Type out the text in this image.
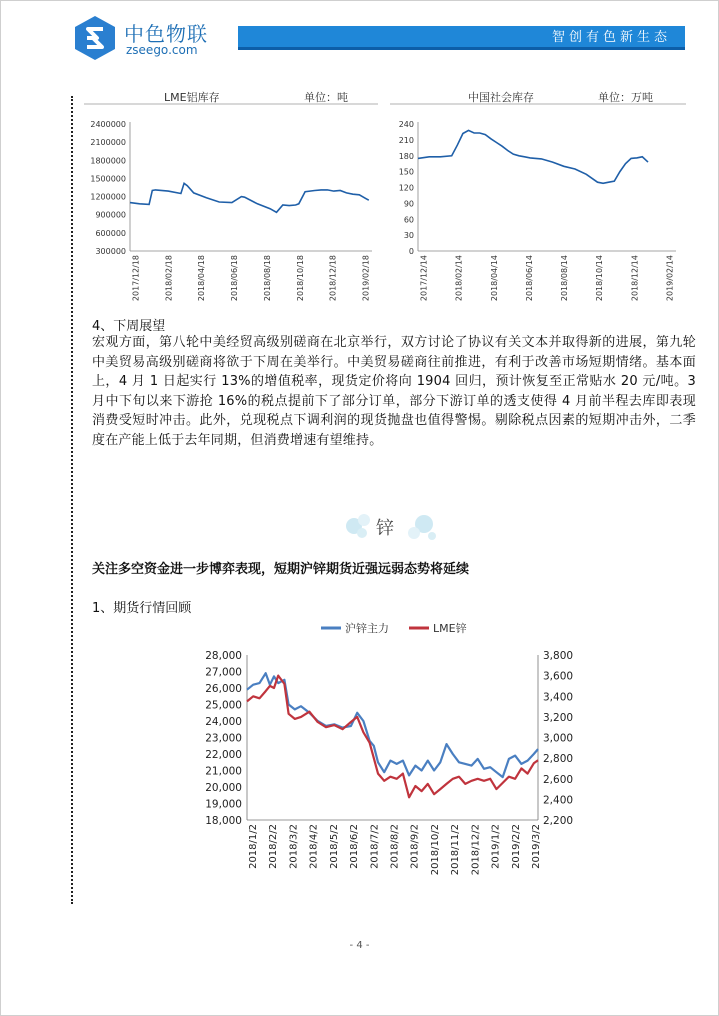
中色物联
zseego.com
智创有色新生态
LME铝库存	单位：吨
300000
600000
900000
1200000
1500000
1800000
2100000
2400000
2017/12/18	2018/02/18	2018/04/18	2018/06/18	2018/08/18	2018/10/18	2018/12/18	2019/02/18
中国社会库存	单位：万吨
0
30
60
90
120
150
180
210
240
2017/12/14	2018/02/14	2018/04/14	2018/06/14	2018/08/14	2018/10/14	2018/12/14	2019/02/14
4、下周展望
宏观方面，第八轮中美经贸高级别磋商在北京举行，双方讨论了协议有关文本并取得新的进展，第九轮中美贸易高级别磋商将欲于下周在美举行。中美贸易磋商往前推进，有利于改善市场短期情绪。基本面上，4 月 1 日起实行 13%的增值税率，现货定价将向 1904 回归，预计恢复至正常贴水 20 元/吨。3 月中下旬以来下游抢 16%的税点提前下了部分订单，部分下游订单的透支使得 4 月前半程去库即表现消费受短时冲击。此外，兑现税点下调利润的现货抛盘也值得警惕。剔除税点因素的短期冲击外，二季度在产能上低于去年同期，但消费增速有望维持。
锌
关注多空资金进一步博弈表现，短期沪锌期货近强远弱态势将延续
1、期货行情回顾
沪锌主力	LME锌
18,000
19,000
20,000
21,000
22,000
23,000
24,000
25,000
26,000
27,000
28,000
2,200
2,400
2,600
2,800
3,000
3,200
3,400
3,600
3,800
2018/1/2 2018/2/2 2018/3/2 2018/4/2 2018/5/2 2018/6/2 2018/7/2 2018/8/2 2018/9/2 2018/10/2 2018/11/2 2018/12/2 2019/1/2 2019/2/2 2019/3/2
- 4 -
